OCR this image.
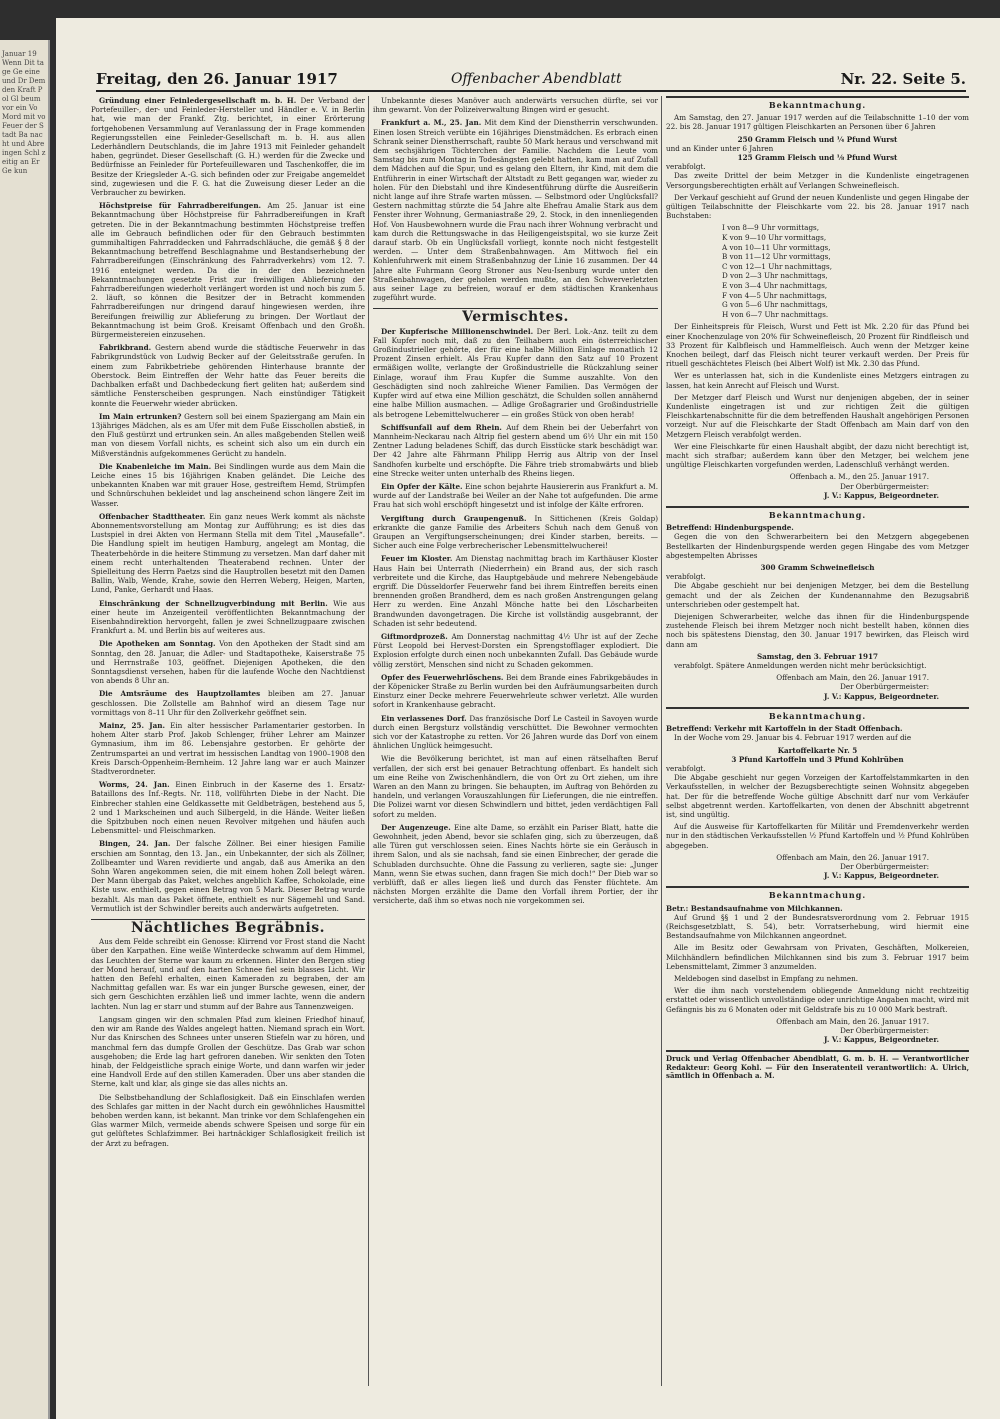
Januar 19 Wenn Dit tage Ge eine und Dr Dem den Kraft Pol Gl beum vor ein Vo Mord mit vo Feuer der Stadt Ba nacht und Abre ingen Schl zeitig an Er Ge kun
Freitag, den 26. Januar 1917	Offenbacher Abendblatt	Nr. 22. Seite 5.

Gründung einer Feinledergesellschaft m. b. H. Der Verband der Portefeuiller-, der- und Feinleder-Hersteller und Händler e. V. in Berlin hat, wie man der Frankf. Ztg. berichtet, in einer Erörterung fortgehobenen Versammlung auf Veranlassung der in Frage kommenden Regierungsstellen eine Feinleder-Gesellschaft m. b. H. aus allen Lederhändlern Deutschlands, die im Jahre 1913 mit Feinleder gehandelt haben, gegründet. Dieser Gesellschaft (G. H.) werden für die Zwecke und Bedürfnisse an Feinleder für Portefeuillewaren und Taschenkoffer, die im Besitze der Kriegsleder A.-G. sich befinden oder zur Freigabe angemeldet sind, zugewiesen und die F. G. hat die Zuweisung dieser Leder an die Verbraucher zu bewirken.

Höchstpreise für Fahrradbereifungen. Am 25. Januar ist eine Bekanntmachung über Höchstpreise für Fahrradbereifungen in Kraft getreten. Die in der Bekanntmachung bestimmten Höchstpreise treffen alle im Gebrauch befindlichen oder für den Gebrauch bestimmten gummihaltigen Fahrraddecken und Fahrradschläuche, die gemäß § 8 der Bekanntmachung betreffend Beschlagnahme und Bestandserhebung der Fahrradbereifungen (Einschränkung des Fahrradverkehrs) vom 12. 7. 1916 enteignet werden. Da die in der den bezeichneten Bekanntmachungen gesetzte Frist zur freiwilligen Ablieferung der Fahrradbereifungen wiederholt verlängert worden ist und noch bis zum 5. 2. läuft, so können die Besitzer der in Betracht kommenden Fahrradbereifungen nur dringend darauf hingewiesen werden, ihre Bereifungen freiwillig zur Ablieferung zu bringen. Der Wortlaut der Bekanntmachung ist beim Groß. Kreisamt Offenbach und den Großh. Bürgermeistereien einzusehen.

Fabrikbrand. Gestern abend wurde die städtische Feuerwehr in das Fabrikgrundstück von Ludwig Becker auf der Geleitsstraße gerufen. In einem zum Fabrikbetriebe gehörenden Hinterhause brannte der Oberstock. Beim Eintreffen der Wehr hatte das Feuer bereits die Dachbalken erfaßt und Dachbedeckung fiert geliten hat; außerdem sind sämtliche Fensterscheiben gesprungen. Nach einstündiger Tätigkeit konnte die Feuerwehr wieder abrücken.

Im Main ertrunken? Gestern soll bei einem Spaziergang am Main ein 13jähriges Mädchen, als es am Ufer mit dem Fuße Eisschollen abstieß, in den Fluß gestürzt und ertrunken sein. An alles maßgebenden Stellen weiß man von diesem Vorfall nichts, es scheint sich also um ein durch ein Mißverständnis aufgekommenes Gerücht zu handeln.

Die Knabenleiche im Main. Bei Sindlingen wurde aus dem Main die Leiche eines 15 bis 16jährigen Knaben geländet. Die Leiche des unbekannten Knaben war mit grauer Hose, gestreiftem Hemd, Strümpfen und Schnürschuhen bekleidet und lag anscheinend schon längere Zeit im Wasser.

Offenbacher Stadttheater. Ein ganz neues Werk kommt als nächste Abonnementsvorstellung am Montag zur Aufführung; es ist dies das Lustspiel in drei Akten von Hermann Stella mit dem Titel „Mausefalle“. Die Handlung spielt im heutigen Hamburg, angelegt am Montag, die Theaterbehörde in die heitere Stimmung zu versetzen. Man darf daher mit einem recht unterhaltenden Theaterabend rechnen. Unter der Spielleitung des Herrn Paetzs sind die Hauptrollen besetzt mit den Damen Ballin, Walb, Wende, Krahe, sowie den Herren Weberg, Heigen, Marten, Lund, Panke, Gerhardt und Haas.

Einschränkung der Schnellzugverbindung mit Berlin. Wie aus einer heute im Anzeigenteil veröffentlichten Bekanntmachung der Eisenbahndirektion hervorgeht, fallen je zwei Schnellzugpaare zwischen Frankfurt a. M. und Berlin bis auf weiteres aus.

Die Apotheken am Sonntag. Von den Apotheken der Stadt sind am Sonntag, den 28. Januar, die Adler- und Stadtapotheke, Kaiserstraße 75 und Herrnstraße 103, geöffnet. Diejenigen Apotheken, die den Sonntagsdienst versehen, haben für die laufende Woche den Nachtdienst von abends 8 Uhr an.

Die Amtsräume des Hauptzollamtes bleiben am 27. Januar geschlossen. Die Zollstelle am Bahnhof wird an diesem Tage nur vormittags von 8–11 Uhr für den Zollverkehr geöffnet sein.

Mainz, 25. Jan. Ein alter hessischer Parlamentarier gestorben. In hohem Alter starb Prof. Jakob Schlenger, früher Lehrer am Mainzer Gymnasium, ihm im 86. Lebensjahre gestorben. Er gehörte der Zentrumspartei an und vertrat im hessischen Landtag von 1900–1908 den Kreis Darsch-Oppenheim-Bernheim. 12 Jahre lang war er auch Mainzer Stadtverordneter.

Worms, 24. Jan. Einen Einbruch in der Kaserne des 1. Ersatz-Bataillons des Inf.-Regts. Nr. 118, vollführten Diebe in der Nacht. Die Einbrecher stahlen eine Geldkassette mit Geldbeträgen, bestehend aus 5, 2 und 1 Markscheinen und auch Silbergeld, in die Hände. Weiter ließen die Spitzbuben noch einen neuen Revolver mitgehen und häufen auch Lebensmittel- und Fleischmarken.

Bingen, 24. Jan. Der falsche Zöllner. Bei einer hiesigen Familie erschien am Sonntag, den 13. Jan., ein Unbekannter, der sich als Zöllner, Zollbeamter und Waren revidierte und angab, daß aus Amerika an den Sohn Waren angekommen seien, die mit einem hohen Zoll belegt wären. Der Mann übergab das Paket, welches angeblich Kaffee, Schokolade, eine Kiste usw. enthielt, gegen einen Betrag von 5 Mark. Dieser Betrag wurde bezahlt. Als man das Paket öffnete, enthielt es nur Sägemehl und Sand. Vermutlich ist der Schwindler bereits auch anderwärts aufgetreten.

Nächtliches Begräbnis.

Aus dem Felde schreibt ein Genosse: Klirrend vor Frost stand die Nacht über den Karpathen. Eine weiße Winterdecke schwamm auf dem Himmel, das Leuchten der Sterne war kaum zu erkennen. Hinter den Bergen stieg der Mond herauf, und auf den harten Schnee fiel sein blasses Licht. Wir hatten den Befehl erhalten, einen Kameraden zu begraben, der am Nachmittag gefallen war. Es war ein junger Bursche gewesen, einer, der sich gern Geschichten erzählen ließ und immer lachte, wenn die andern lachten. Nun lag er starr und stumm auf der Bahre aus Tannenzweigen.

Langsam gingen wir den schmalen Pfad zum kleinen Friedhof hinauf, den wir am Rande des Waldes angelegt hatten. Niemand sprach ein Wort. Nur das Knirschen des Schnees unter unseren Stiefeln war zu hören, und manchmal fern das dumpfe Grollen der Geschütze. Das Grab war schon ausgehoben; die Erde lag hart gefroren daneben. Wir senkten den Toten hinab, der Feldgeistliche sprach einige Worte, und dann warfen wir jeder eine Handvoll Erde auf den stillen Kameraden. Über uns aber standen die Sterne, kalt und klar, als ginge sie das alles nichts an.

Die Selbstbehandlung der Schlaflosigkeit. Daß ein Einschlafen werden des Schlafes gar mitten in der Nacht durch ein gewöhnliches Hausmittel behoben werden kann, ist bekannt. Man trinke vor dem Schlafengehen ein Glas warmer Milch, vermeide abends schwere Speisen und sorge für ein gut gelüftetes Schlafzimmer. Bei hartnäckiger Schlaflosigkeit freilich ist der Arzt zu befragen.

Unbekannte dieses Manöver auch anderwärts versuchen dürfte, sei vor ihm gewarnt. Von der Polizeiverwaltung Bingen wird er gesucht.

Frankfurt a. M., 25. Jan. Mit dem Kind der Dienstherrin verschwunden. Einen losen Streich verübte ein 16jähriges Dienstmädchen. Es erbrach einen Schrank seiner Dienstherrschaft, raubte 50 Mark heraus und verschwand mit dem sechsjährigen Töchterchen der Familie. Nachdem die Leute vom Samstag bis zum Montag in Todesängsten gelebt hatten, kam man auf Zufall dem Mädchen auf die Spur, und es gelang den Eltern, ihr Kind, mit dem die Entführerin in einer Wirtschaft der Altstadt zu Bett gegangen war, wieder zu holen. Für den Diebstahl und ihre Kindesentführung dürfte die Ausreißerin nicht lange auf ihre Strafe warten müssen. — Selbstmord oder Unglücksfall? Gestern nachmittag stürzte die 54 Jahre alte Ehefrau Amalie Stark aus dem Fenster ihrer Wohnung, Germaniastraße 29, 2. Stock, in den innenliegenden Hof. Von Hausbewohnern wurde die Frau nach ihrer Wohnung verbracht und kam durch die Rettungswache in das Heiligengeistspital, wo sie kurze Zeit darauf starb. Ob ein Unglücksfall vorliegt, konnte noch nicht festgestellt werden. — Unter dem Straßenbahnwagen. Am Mittwoch fiel ein Kohlenfuhrwerk mit einem Straßenbahnzug der Linie 16 zusammen. Der 44 Jahre alte Fuhrmann Georg Stroner aus Neu-Isenburg wurde unter den Straßenbahnwagen, der geholen werden mußte, an den Schwerverletzten aus seiner Lage zu befreien, worauf er dem städtischen Krankenhaus zugeführt wurde.

Vermischtes.

Der Kupferische Millionenschwindel. Der Berl. Lok.-Anz. teilt zu dem Fall Kupfer noch mit, daß zu den Teilhabern auch ein österreichischer Großindustrieller gehörte, der für eine halbe Million Einlage monatlich 12 Prozent Zinsen erhielt. Als Frau Kupfer dann den Satz auf 10 Prozent ermäßigen wollte, verlangte der Großindustrielle die Rückzahlung seiner Einlage, worauf ihm Frau Kupfer die Summe auszahlte. Von den Geschädigten sind noch zahlreiche Wiener Familien. Das Vermögen der Kupfer wird auf etwa eine Million geschätzt, die Schulden sollen annähernd eine halbe Million ausmachen. — Adlige Großagrarier und Großindustrielle als betrogene Lebemittelwucherer — ein großes Stück von oben herab!

Schiffsunfall auf dem Rhein. Auf dem Rhein bei der Ueberfahrt von Mannheim-Neckarau nach Altrip fiel gestern abend um 6½ Uhr ein mit 150 Zentner Ladung beladenes Schiff, das durch Eisstücke stark beschädigt war. Der 42 Jahre alte Fährmann Philipp Herrig aus Altrip von der Insel Sandhofen kurbelte und erschöpfte. Die Fähre trieb stromabwärts und blieb eine Strecke weiter unten unterhalb des Rheins liegen.

Ein Opfer der Kälte. Eine schon bejahrte Hausiererin aus Frankfurt a. M. wurde auf der Landstraße bei Weiler an der Nahe tot aufgefunden. Die arme Frau hat sich wohl erschöpft hingesetzt und ist infolge der Kälte erfroren.

Vergiftung durch Graupengenuß. In Sittichenen (Kreis Goldap) erkrankte die ganze Familie des Arbeiters Schuh nach dem Genuß von Graupen an Vergiftungserscheinungen; drei Kinder starben, bereits. — Sicher auch eine Folge verbrecherischer Lebensmittelwucherei!

Feuer im Kloster. Am Dienstag nachmittag brach im Karthäuser Kloster Haus Hain bei Unterrath (Niederrhein) ein Brand aus, der sich rasch verbreitete und die Kirche, das Hauptgebäude und mehrere Nebengebäude ergriff. Die Düsseldorfer Feuerwehr fand bei ihrem Eintreffen bereits einen brennenden großen Brandherd, dem es nach großen Anstrengungen gelang Herr zu werden. Eine Anzahl Mönche hatte bei den Löscharbeiten Brandwunden davongetragen. Die Kirche ist vollständig ausgebrannt, der Schaden ist sehr bedeutend.

Giftmordprozeß. Am Donnerstag nachmittag 4½ Uhr ist auf der Zeche Fürst Leopold bei Hervest-Dorsten ein Sprengstofflager explodiert. Die Explosion erfolgte durch einen noch unbekannten Zufall. Das Gebäude wurde völlig zerstört, Menschen sind nicht zu Schaden gekommen.

Opfer des Feuerwehrlöschens. Bei dem Brande eines Fabrikgebäudes in der Köpenicker Straße zu Berlin wurden bei den Aufräumungsarbeiten durch Einsturz einer Decke mehrere Feuerwehrleute schwer verletzt. Alle wurden sofort in Krankenhause gebracht.

Ein verlassenes Dorf. Das französische Dorf Le Casteil in Savoyen wurde durch einen Bergsturz vollständig verschüttet. Die Bewohner vermochten sich vor der Katastrophe zu retten. Vor 26 Jahren wurde das Dorf von einem ähnlichen Unglück heimgesucht.

Wie die Bevölkerung berichtet, ist man auf einen rätselhaften Beruf verfallen, der sich erst bei genauer Betrachtung offenbart. Es handelt sich um eine Reihe von Zwischenhändlern, die von Ort zu Ort ziehen, um ihre Waren an den Mann zu bringen. Sie behaupten, im Auftrag von Behörden zu handeln, und verlangen Vorauszahlungen für Lieferungen, die nie eintreffen. Die Polizei warnt vor diesen Schwindlern und bittet, jeden verdächtigen Fall sofort zu melden.

Der Augenzeuge. Eine alte Dame, so erzählt ein Pariser Blatt, hatte die Gewohnheit, jeden Abend, bevor sie schlafen ging, sich zu überzeugen, daß alle Türen gut verschlossen seien. Eines Nachts hörte sie ein Geräusch in ihrem Salon, und als sie nachsah, fand sie einen Einbrecher, der gerade die Schubladen durchsuchte. Ohne die Fassung zu verlieren, sagte sie: „Junger Mann, wenn Sie etwas suchen, dann fragen Sie mich doch!“ Der Dieb war so verblüfft, daß er alles liegen ließ und durch das Fenster flüchtete. Am nächsten Morgen erzählte die Dame den Vorfall ihrem Portier, der ihr versicherte, daß ihm so etwas noch nie vorgekommen sei.

Bekanntmachung.
Am Samstag, den 27. Januar 1917 werden auf die Teilabschnitte 1–10 der vom 22. bis 28. Januar 1917 gültigen Fleischkarten an Personen über 6 Jahren
250 Gramm Fleisch und ¼ Pfund Wurst
und an Kinder unter 6 Jahren
125 Gramm Fleisch und ⅛ Pfund Wurst
verabfolgt.
Das zweite Drittel der beim Metzger in die Kundenliste eingetragenen Versorgungsberechtigten erhält auf Verlangen Schweinefleisch.
Der Verkauf geschieht auf Grund der neuen Kundenliste und gegen Hingabe der gültigen Teilabschnitte der Fleischkarte vom 22. bis 28. Januar 1917 nach Buchstaben:
I von 8—9 Uhr vormittags,
K von 9—10 Uhr vormittags,
A von 10—11 Uhr vormittags,
B von 11—12 Uhr vormittags,
C von 12—1 Uhr nachmittags,
D von 2—3 Uhr nachmittags,
E von 3—4 Uhr nachmittags,
F von 4—5 Uhr nachmittags,
G von 5—6 Uhr nachmittags,
H von 6—7 Uhr nachmittags.
Der Einheitspreis für Fleisch, Wurst und Fett ist Mk. 2.20 für das Pfund bei einer Knochenzulage von 20% für Schweinefleisch, 20 Prozent für Rindfleisch und 33 Prozent für Kalbfleisch und Hammelfleisch. Auch wenn der Metzger keine Knochen beilegt, darf das Fleisch nicht teurer verkauft werden. Der Preis für rituell geschächtetes Fleisch (bei Albert Wolf) ist Mk. 2.30 das Pfund.
Wer es unterlassen hat, sich in die Kundenliste eines Metzgers eintragen zu lassen, hat kein Anrecht auf Fleisch und Wurst.
Der Metzger darf Fleisch und Wurst nur denjenigen abgeben, der in seiner Kundenliste eingetragen ist und zur richtigen Zeit die gültigen Fleischkartenabschnitte für die dem betreffenden Haushalt angehörigen Personen vorzeigt. Nur auf die Fleischkarte der Stadt Offenbach am Main darf von den Metzgern Fleisch verabfolgt werden.
Wer eine Fleischkarte für einen Haushalt abgibt, der dazu nicht berechtigt ist, macht sich strafbar; außerdem kann über den Metzger, bei welchem jene ungültige Fleischkarten vorgefunden werden, Ladenschluß verhängt werden.
Offenbach a. M., den 25. Januar 1917.
Der Oberbürgermeister:
J. V.: Kappus, Beigeordneter.
Bekanntmachung.
Betreffend: Hindenburgspende.
Gegen die von den Schwerarbeitern bei den Metzgern abgegebenen Bestellkarten der Hindenburgspende werden gegen Hingabe des vom Metzger abgestempelten Abrisses
300 Gramm Schweinefleisch
verabfolgt.
Die Abgabe geschieht nur bei denjenigen Metzger, bei dem die Bestellung gemacht und der als Zeichen der Kundenannahme den Bezugsabriß unterschrieben oder gestempelt hat.
Diejenigen Schwerarbeiter, welche das ihnen für die Hindenburgspende zustehende Fleisch bei ihrem Metzger noch nicht bestellt haben, können dies noch bis spätestens Dienstag, den 30. Januar 1917 bewirken, das Fleisch wird dann am
Samstag, den 3. Februar 1917
verabfolgt. Spätere Anmeldungen werden nicht mehr berücksichtigt.
Offenbach am Main, den 26. Januar 1917.
Der Oberbürgermeister:
J. V.: Kappus, Beigeordneter.
Bekanntmachung.
Betreffend: Verkehr mit Kartoffeln in der Stadt Offenbach.
In der Woche vom 29. Januar bis 4. Februar 1917 werden auf die
Kartoffelkarte Nr. 5
3 Pfund Kartoffeln und 3 Pfund Kohlrüben
verabfolgt.
Die Abgabe geschieht nur gegen Vorzeigen der Kartoffelstammkarten in den Verkaufsstellen, in welcher der Bezugsberechtigte seinen Wohnsitz abgegeben hat. Der für die betreffende Woche gültige Abschnitt darf nur vom Verkäufer selbst abgetrennt werden. Kartoffelkarten, von denen der Abschnitt abgetrennt ist, sind ungültig.
Auf die Ausweise für Kartoffelkarten für Militär und Fremdenverkehr werden nur in den städtischen Verkaufsstellen ½ Pfund Kartoffeln und ½ Pfund Kohlrüben abgegeben.
Offenbach am Main, den 26. Januar 1917.
Der Oberbürgermeister:
J. V.: Kappus, Beigeordneter.
Bekanntmachung.
Betr.: Bestandsaufnahme von Milchkannen.
Auf Grund §§ 1 und 2 der Bundesratsverordnung vom 2. Februar 1915 (Reichsgesetzblatt, S. 54), betr. Vorratserhebung, wird hiermit eine Bestandsaufnahme von Milchkannen angeordnet.
Alle im Besitz oder Gewahrsam von Privaten, Geschäften, Molkereien, Milchhändlern befindlichen Milchkannen sind bis zum 3. Februar 1917 beim Lebensmittelamt, Zimmer 3 anzumelden.
Meldebogen sind daselbst in Empfang zu nehmen.
Wer die ihm nach vorstehendem obliegende Anmeldung nicht rechtzeitig erstattet oder wissentlich unvollständige oder unrichtige Angaben macht, wird mit Gefängnis bis zu 6 Monaten oder mit Geldstrafe bis zu 10 000 Mark bestraft.
Offenbach am Main, den 26. Januar 1917.
Der Oberbürgermeister:
J. V.: Kappus, Beigeordneter.
Druck und Verlag Offenbacher Abendblatt, G. m. b. H. — Verantwortlicher Redakteur: Georg Kohl. — Für den Inseratenteil verantwortlich: A. Ulrich, sämtlich in Offenbach a. M.
